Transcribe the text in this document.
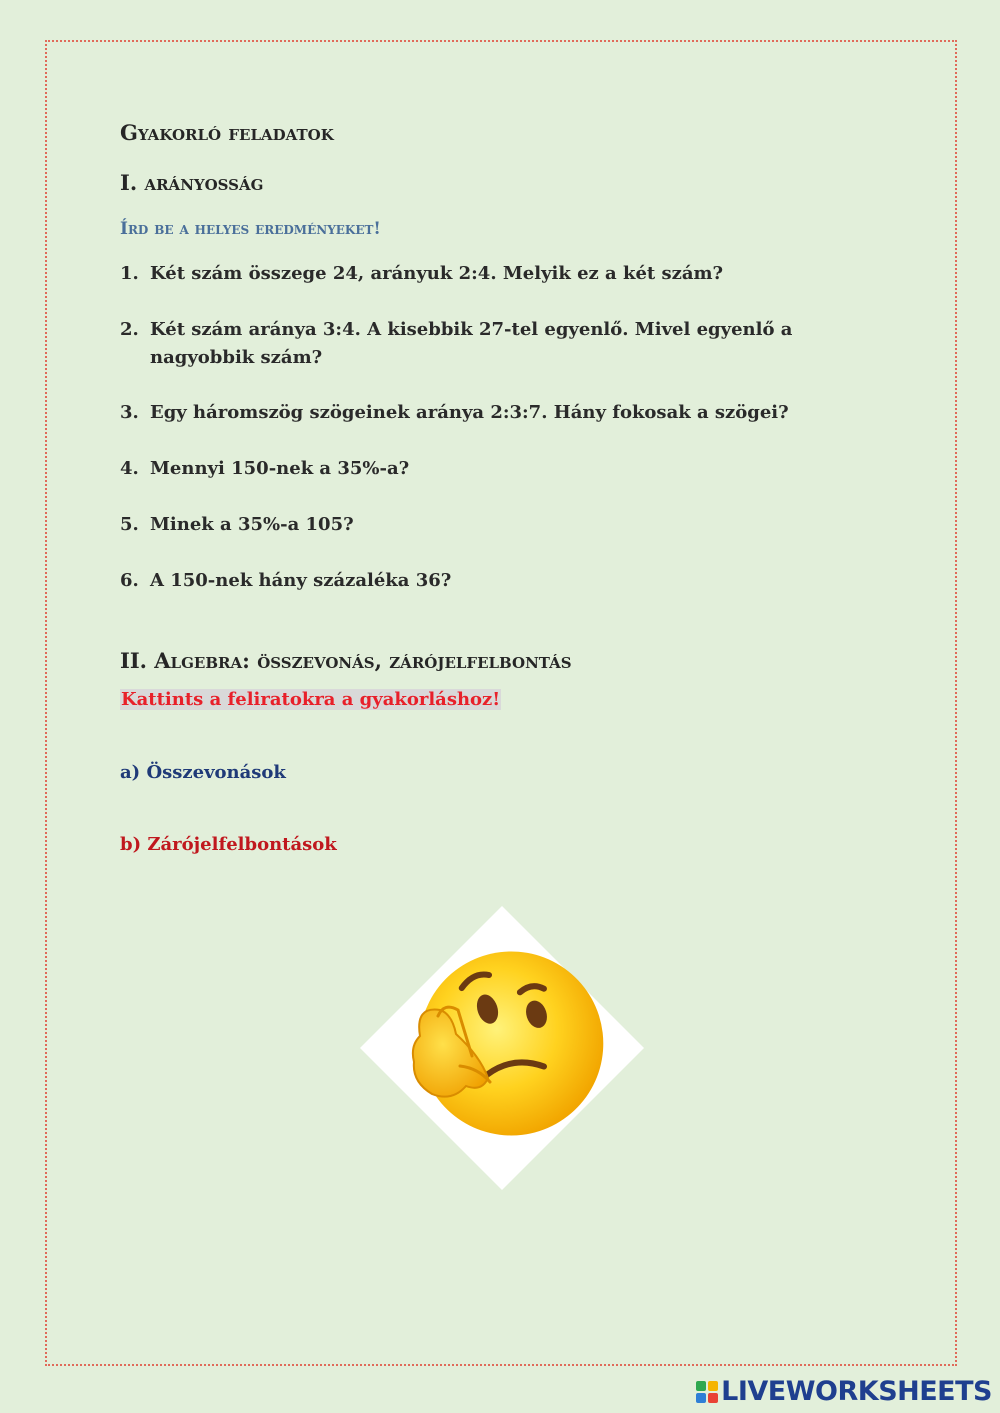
Gyakorló feladatok
I. arányosság
Írd be a helyes eredményeket!
1. Két szám összege 24, arányuk 2:4. Melyik ez a két szám?
2. Két szám aránya 3:4. A kisebbik 27-tel egyenlő. Mivel egyenlő a nagyobbik szám?
3. Egy háromszög szögeinek aránya 2:3:7. Hány fokosak a szögei?
4. Mennyi 150-nek a 35%-a?
5. Minek a 35%-a 105?
6. A 150-nek hány százaléka 36?
II. Algebra: összevonás, zárójelfelbontás
Kattints a feliratokra a gyakorláshoz!
a) Összevonások
b) Zárójelfelbontások
LIVEWORKSHEETS
